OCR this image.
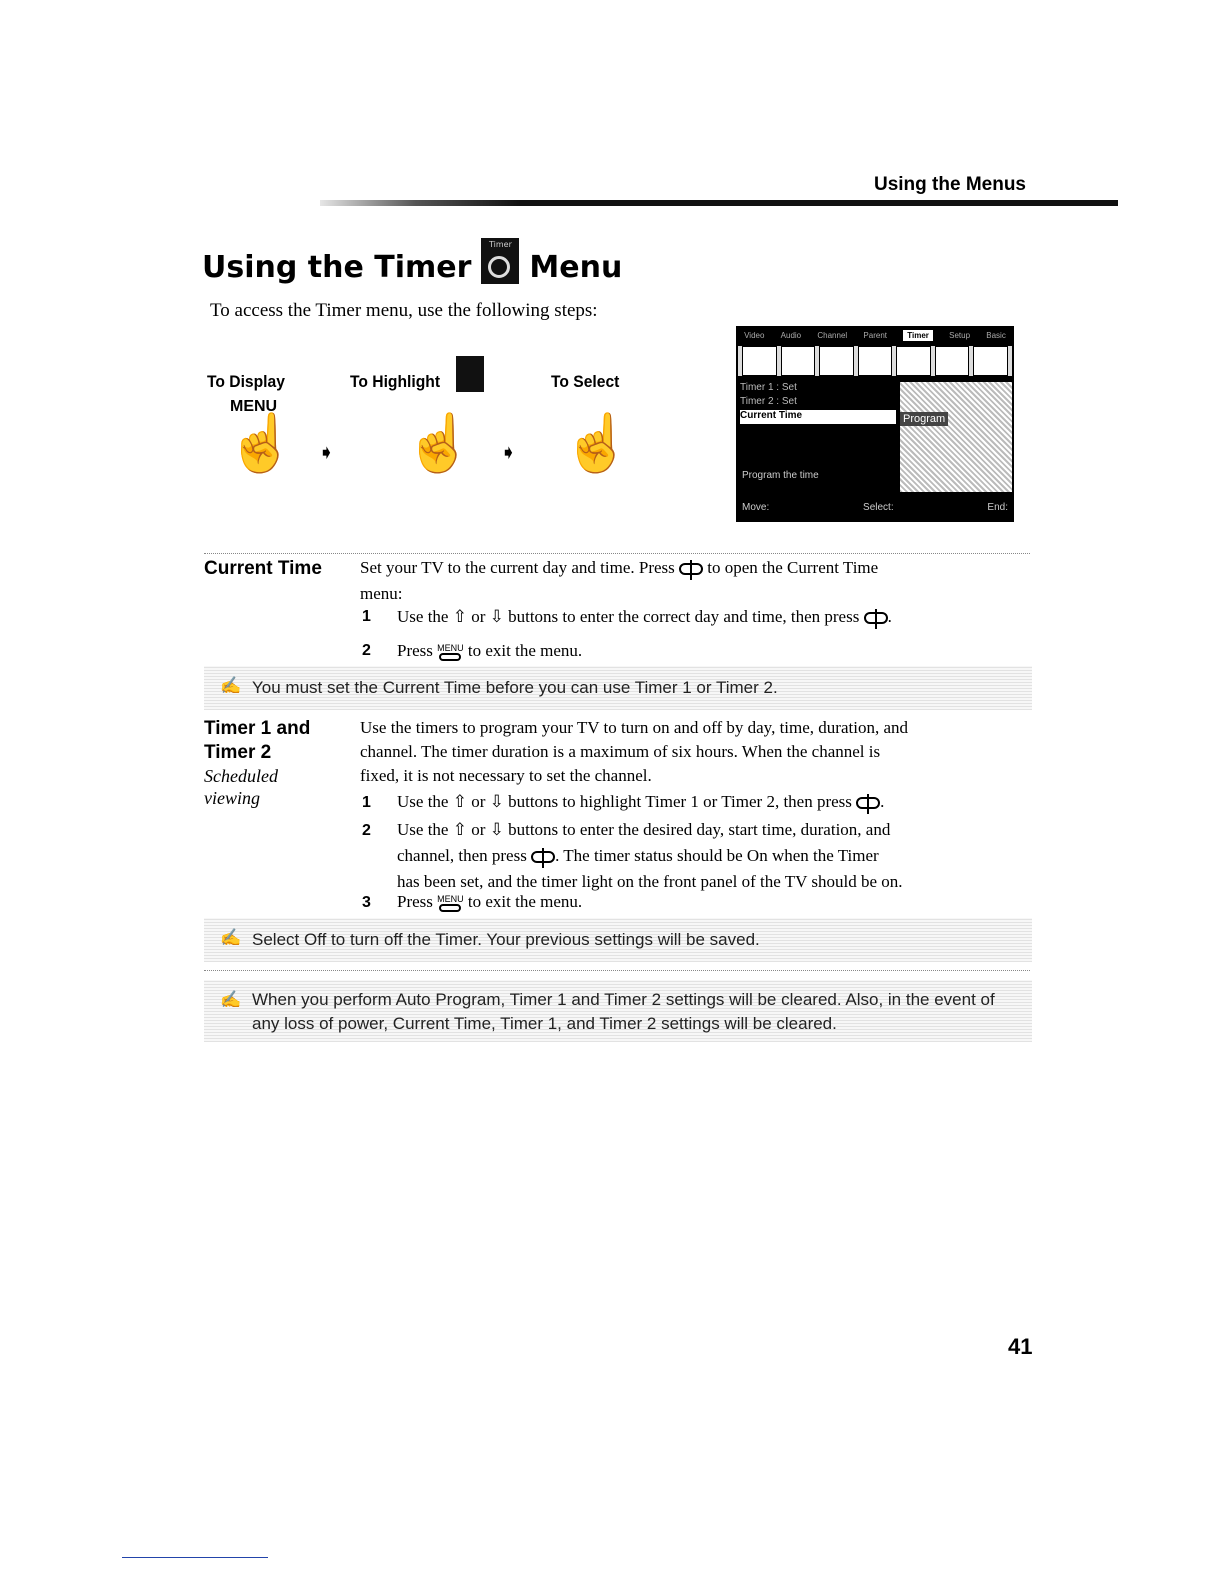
Using the Menus
Using the Timer
Timer
Menu
To access the Timer menu, use the following steps:
To Display
MENU
☝ ➧
To Highlight
☝ ➧
To Select
☝
Video Audio Channel Parent	Timer	Setup Basic
Timer 1 : Set
Timer 2 : Set
Current Time	Program
Program the time
Move:	Select:	End:
Current Time Set your TV to the current day and time. Press to open the Current Time
menu:
1 Use the ⇧ or ⇩ buttons to enter the correct day and time, then press .
2 Press MENU to exit the menu.
✍ You must set the Current Time before you can use Timer 1 or Timer 2.
Timer 1 and
Timer 2
Scheduled
viewing
Use the timers to program your TV to turn on and off by day, time, duration, and
channel. The timer duration is a maximum of six hours. When the channel is
fixed, it is not necessary to set the channel.
1 Use the ⇧ or ⇩ buttons to highlight Timer 1 or Timer 2, then press .
2 Use the ⇧ or ⇩ buttons to enter the desired day, start time, duration, and
channel, then press . The timer status should be On when the Timer
has been set, and the timer light on the front panel of the TV should be on.
3 Press MENU to exit the menu.
✍ Select Off to turn off the Timer. Your previous settings will be saved.
✍ When you perform Auto Program, Timer 1 and Timer 2 settings will be cleared. Also, in the event of
any loss of power, Current Time, Timer 1, and Timer 2 settings will be cleared.
41
